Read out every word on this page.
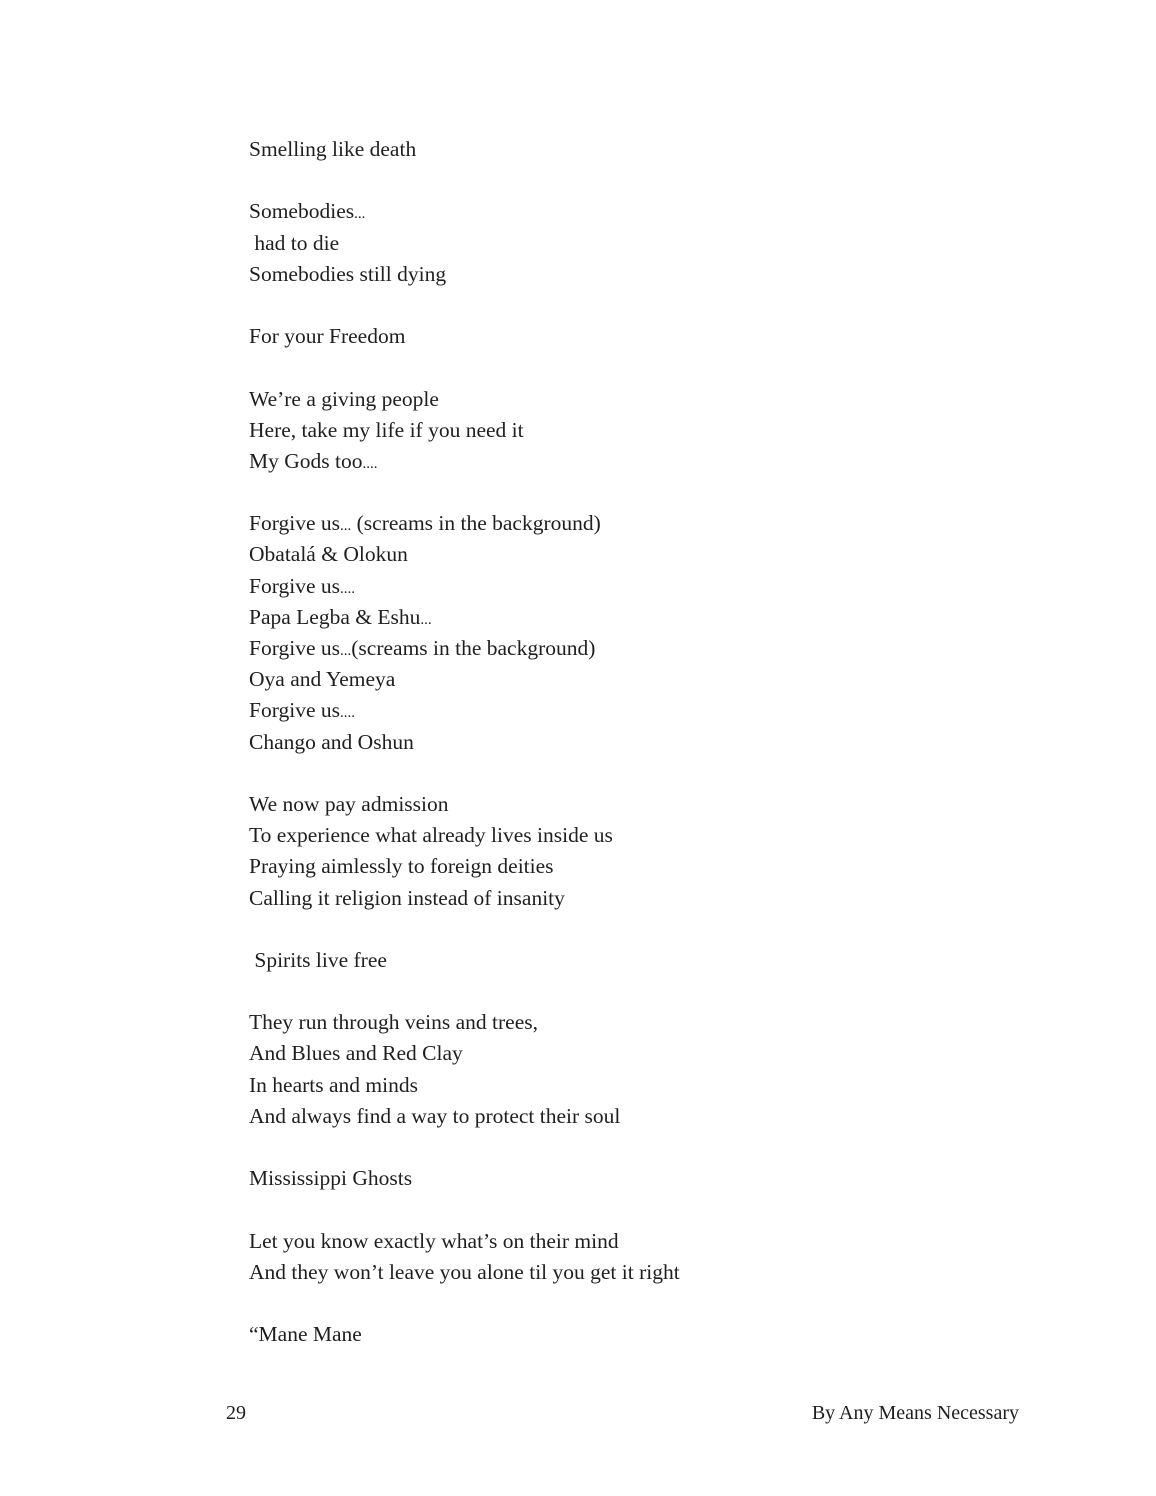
Smelling like death
Somebodies...
had to die
Somebodies still dying
For your Freedom
We’re a giving people
Here, take my life if you need it
My Gods too....
Forgive us... (screams in the background)
Obatalá & Olokun
Forgive us....
Papa Legba & Eshu...
Forgive us...(screams in the background)
Oya and Yemeya
Forgive us....
Chango and Oshun
We now pay admission
To experience what already lives inside us
Praying aimlessly to foreign deities
Calling it religion instead of insanity
Spirits live free
They run through veins and trees,
And Blues and Red Clay
In hearts and minds
And always find a way to protect their soul
Mississippi Ghosts
Let you know exactly what’s on their mind
And they won’t leave you alone til you get it right
“Mane Mane
29	By Any Means Necessary
